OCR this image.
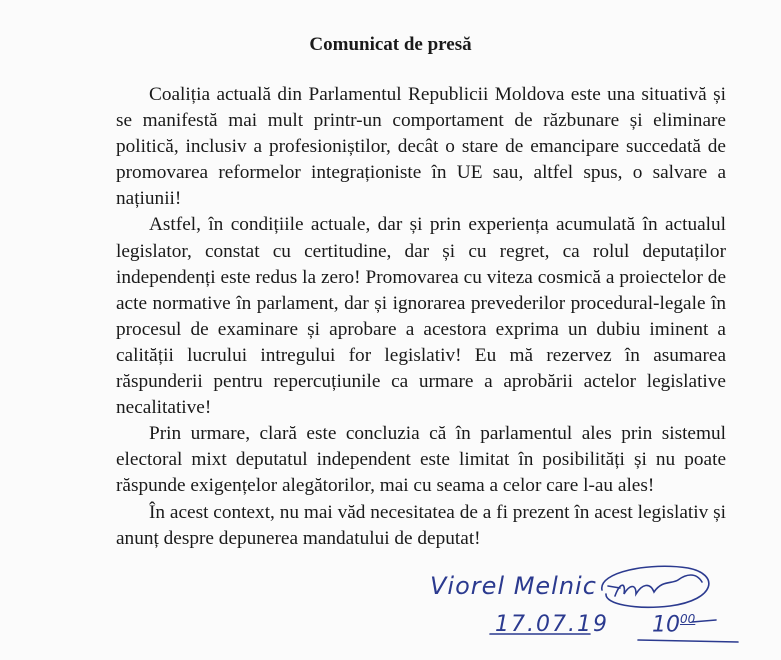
Comunicat de presă

Coaliția actuală din Parlamentul Republicii Moldova este una situativă și se manifestă mai mult printr-un comportament de răzbunare și eliminare politică, inclusiv a profesioniștilor, decât o stare de emancipare succedată de promovarea reformelor integraționiste în UE sau, altfel spus, o salvare a națiunii!

Astfel, în condițiile actuale, dar și prin experiența acumulată în actualul legislator, constat cu certitudine, dar și cu regret, ca rolul deputaților independenți este redus la zero! Promovarea cu viteza cosmică a proiectelor de acte normative în parlament, dar și ignorarea prevederilor procedural-legale în procesul de examinare și aprobare a acestora exprima un dubiu iminent a calității lucrului intregului for legislativ! Eu mă rezervez în asumarea răspunderii pentru repercuțiunile ca urmare a aprobării actelor legislative necalitative!

Prin urmare, clară este concluzia că în parlamentul ales prin sistemul electoral mixt deputatul independent este limitat în posibilități și nu poate răspunde exigențelor alegătorilor, mai cu seama a celor care l-au ales!

În acest context, nu mai văd necesitatea de a fi prezent în acest legislativ și anunț despre depunerea mandatului de deputat!

Viorel Melnic
17.07.19 $10^{00}$
